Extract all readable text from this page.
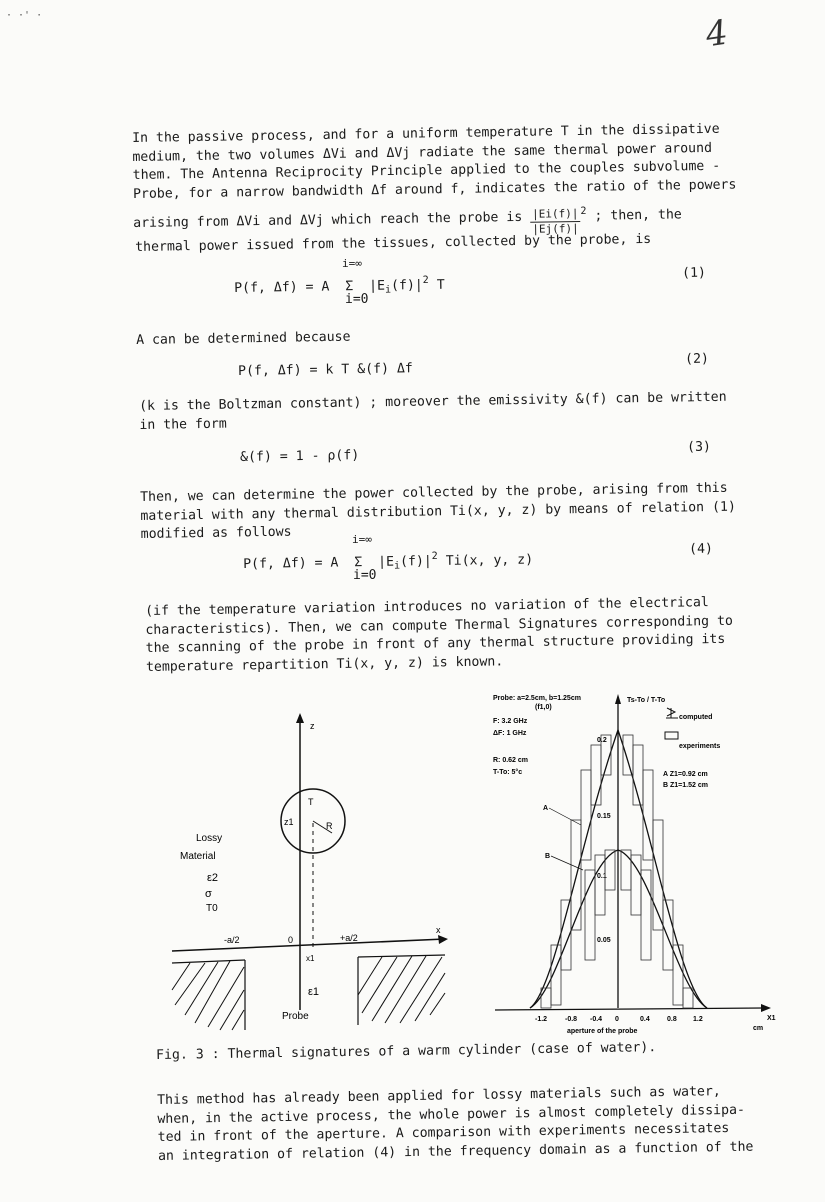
· ·' ·	4
In the passive process, and for a uniform temperature T in the dissipative
medium, the two volumes ΔVi and ΔVj radiate the same thermal power around
them. The Antenna Reciprocity Principle applied to the couples subvolume -
Probe, for a narrow bandwidth Δf around f, indicates the ratio of the powers
arising from ΔVi and ΔVj which reach the probe is $\frac{|Ei(f)|}{|Ej(f)|} ^2$ ; then, the
thermal power issued from the tissues, collected by the probe, is
i=∞
P(f, Δf) = A  Σ  $|E_i(f)|^2$ T
i=0
(1)
A can be determined because
P(f, Δf) = k T &(f) Δf
(2)
(k is the Boltzman constant) ; moreover the emissivity &(f) can be written
in the form
&(f) = 1 - ρ(f)
(3)
Then, we can determine the power collected by the probe, arising from this
material with any thermal distribution Ti(x, y, z) by means of relation (1)
modified as follows	i=∞
P(f, Δf) = A  Σ  $|E_i(f)|^2$ Ti(x, y, z)
i=0
(4)
(if the temperature variation introduces no variation of the electrical
characteristics). Then, we can compute Thermal Signatures corresponding to
the scanning of the probe in front of any thermal structure providing its
temperature repartition Ti(x, y, z) is known.
z
T
z1	R
Lossy
Material
ε2
σ
T0
x
-a/2	0	+a/2
x1
ε1
Probe
Probe: a=2.5cm, b=1.25cm
(f1,0)
F: 3.2 GHz
ΔF: 1 GHz
R: 0.62 cm
T-To: 5°c
Ts-To / T-To
computed
experiments
A Z1=0.92 cm
B Z1=1.52 cm
0.2
0.15
0.1
0.05
-1.2	-0.8 -0.4 0	0.4 0.8 1.2
A
B
aperture of the probe	cm
X1
Fig. 3 : Thermal signatures of a warm cylinder (case of water).
This method has already been applied for lossy materials such as water,
when, in the active process, the whole power is almost completely dissipa-
ted in front of the aperture. A comparison with experiments necessitates
an integration of relation (4) in the frequency domain as a function of the
